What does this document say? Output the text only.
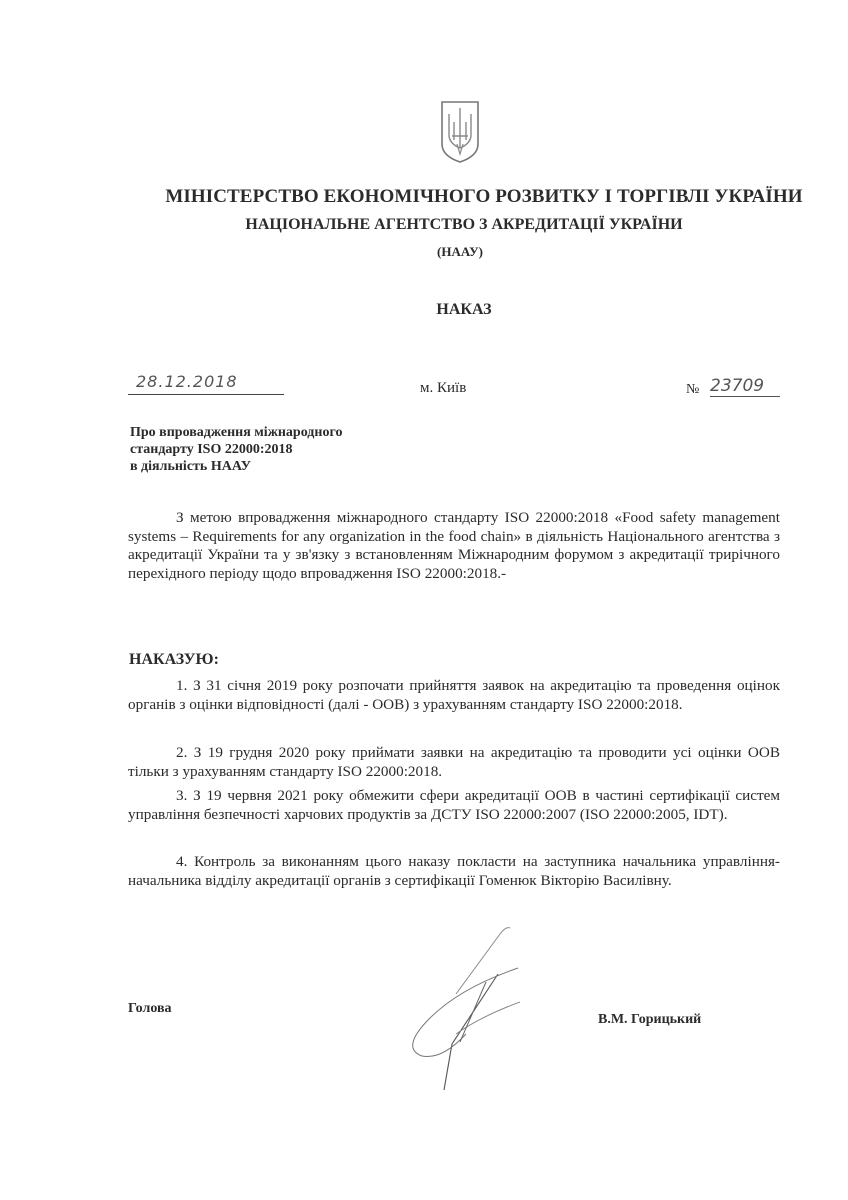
МІНІСТЕРСТВО ЕКОНОМІЧНОГО РОЗВИТКУ І ТОРГІВЛІ УКРАЇНИ
НАЦІОНАЛЬНЕ АГЕНТСТВО З АКРЕДИТАЦІЇ УКРАЇНИ
(НААУ)
НАКАЗ
28.12.2018	м. Київ	№ 23709
Про впровадження міжнародного
стандарту ISO 22000:2018
в діяльність НААУ
З метою впровадження міжнародного стандарту ISO 22000:2018 «Food safety management systems – Requirements for any organization in the food chain» в діяльність Національного агентства з акредитації України та у зв'язку з встановленням Міжнародним форумом з акредитації трирічного перехідного періоду щодо впровадження ISO 22000:2018.-
НАКАЗУЮ:
1. З 31 січня 2019 року розпочати прийняття заявок на акредитацію та проведення оцінок органів з оцінки відповідності (далі - ООВ) з урахуванням стандарту ISO 22000:2018.
2. З 19 грудня 2020 року приймати заявки на акредитацію та проводити усі оцінки ООВ тільки з урахуванням стандарту ISO 22000:2018.
3. З 19 червня 2021 року обмежити сфери акредитації ООВ в частині сертифікації систем управління безпечності харчових продуктів за ДСТУ ISO 22000:2007 (ISO 22000:2005, IDT).
4. Контроль за виконанням цього наказу покласти на заступника начальника управління-начальника відділу акредитації органів з сертифікації Гоменюк Вікторію Василівну.
Голова
В.М. Горицький
